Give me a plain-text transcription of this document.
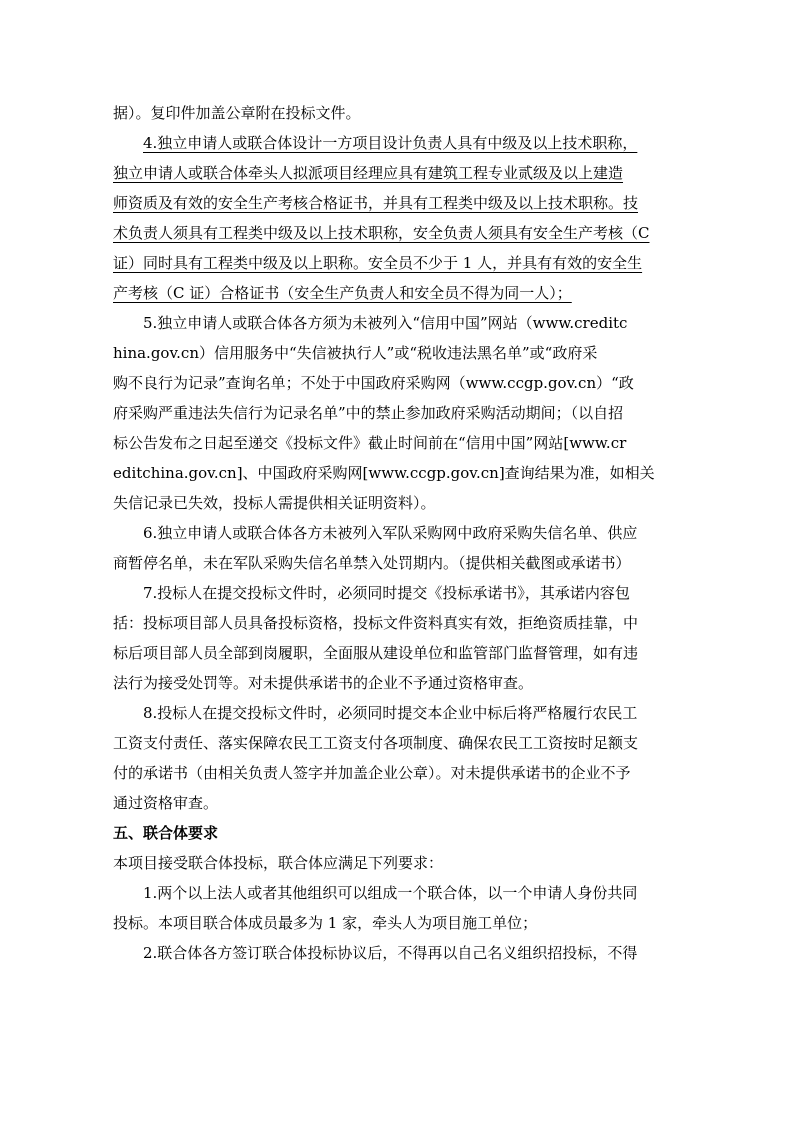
据）。复印件加盖公章附在投标文件。
4.独立申请人或联合体设计一方项目设计负责人具有中级及以上技术职称，
独立申请人或联合体牵头人拟派项目经理应具有建筑工程专业贰级及以上建造
师资质及有效的安全生产考核合格证书，并具有工程类中级及以上技术职称。技
术负责人须具有工程类中级及以上技术职称，安全负责人须具有安全生产考核（C
证）同时具有工程类中级及以上职称。安全员不少于 1 人，并具有有效的安全生
产考核（C 证）合格证书（安全生产负责人和安全员不得为同一人）；
5.独立申请人或联合体各方须为未被列入“信用中国”网站（www.creditc
hina.gov.cn）信用服务中“失信被执行人”或“税收违法黑名单”或“政府采
购不良行为记录”查询名单；不处于中国政府采购网（www.ccgp.gov.cn）“政
府采购严重违法失信行为记录名单”中的禁止参加政府采购活动期间；（以自招
标公告发布之日起至递交《投标文件》截止时间前在“信用中国”网站[www.cr
editchina.gov.cn]、中国政府采购网[www.ccgp.gov.cn]查询结果为准，如相关
失信记录已失效，投标人需提供相关证明资料）。
6.独立申请人或联合体各方未被列入军队采购网中政府采购失信名单、供应
商暂停名单，未在军队采购失信名单禁入处罚期内。（提供相关截图或承诺书）
7.投标人在提交投标文件时，必须同时提交《投标承诺书》，其承诺内容包
括：投标项目部人员具备投标资格，投标文件资料真实有效，拒绝资质挂靠，中
标后项目部人员全部到岗履职，全面服从建设单位和监管部门监督管理，如有违
法行为接受处罚等。对未提供承诺书的企业不予通过资格审查。
8.投标人在提交投标文件时，必须同时提交本企业中标后将严格履行农民工
工资支付责任、落实保障农民工工资支付各项制度、确保农民工工资按时足额支
付的承诺书（由相关负责人签字并加盖企业公章）。对未提供承诺书的企业不予
通过资格审查。
五、联合体要求
本项目接受联合体投标，联合体应满足下列要求：
1.两个以上法人或者其他组织可以组成一个联合体，以一个申请人身份共同
投标。本项目联合体成员最多为 1 家，牵头人为项目施工单位；
2.联合体各方签订联合体投标协议后，不得再以自己名义组织招投标，不得
